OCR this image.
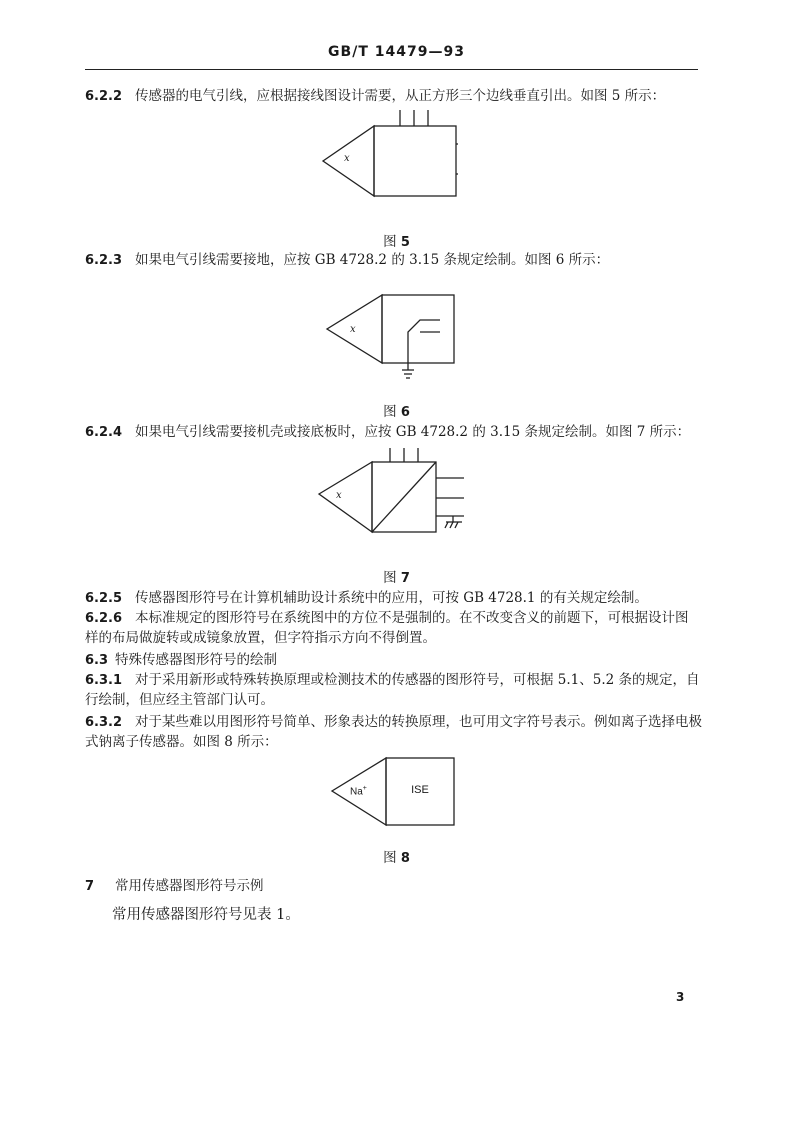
GB/T 14479—93
6.2.2 传感器的电气引线，应根据接线图设计需要，从正方形三个边线垂直引出。如图 5 所示：
x
图 5
6.2.3 如果电气引线需要接地，应按 GB 4728.2 的 3.15 条规定绘制。如图 6 所示：
x
图 6
6.2.4 如果电气引线需要接机壳或接底板时，应按 GB 4728.2 的 3.15 条规定绘制。如图 7 所示：
x
图 7
6.2.5 传感器图形符号在计算机辅助设计系统中的应用，可按 GB 4728.1 的有关规定绘制。
6.2.6 本标准规定的图形符号在系统图中的方位不是强制的。在不改变含义的前题下，可根据设计图
样的布局做旋转或成镜象放置，但字符指示方向不得倒置。
6.3 特殊传感器图形符号的绘制
6.3.1 对于采用新形或特殊转换原理或检测技术的传感器的图形符号，可根据 5.1、5.2 条的规定，自
行绘制，但应经主管部门认可。
6.3.2 对于某些难以用图形符号简单、形象表达的转换原理，也可用文字符号表示。例如离子选择电极
式钠离子传感器。如图 8 所示：
Na+	ISE
图 8
7 常用传感器图形符号示例
常用传感器图形符号见表 1。
3
